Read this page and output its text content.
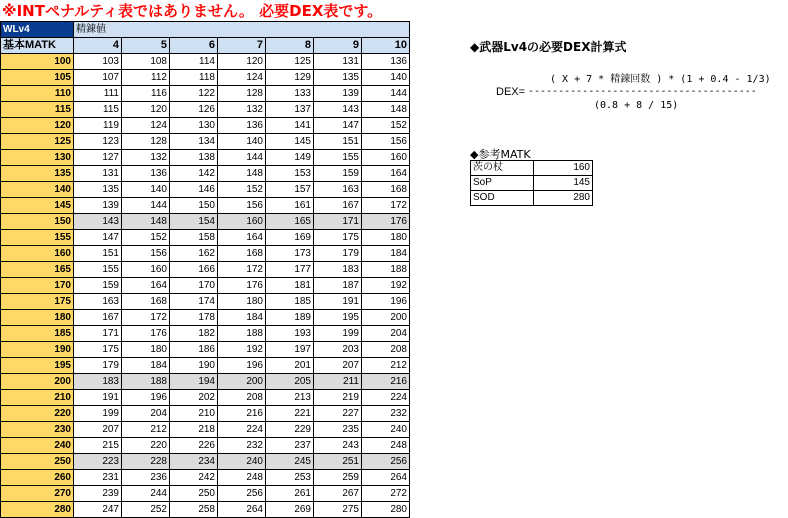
※INTペナルティ表ではありません。 必要DEX表です。
WLv4	精錬値						
基本MATK	4	5	6	7	8	9	10
100	103	108	114	120	125	131	136
105	107	112	118	124	129	135	140
110	111	116	122	128	133	139	144
115	115	120	126	132	137	143	148
120	119	124	130	136	141	147	152
125	123	128	134	140	145	151	156
130	127	132	138	144	149	155	160
135	131	136	142	148	153	159	164
140	135	140	146	152	157	163	168
145	139	144	150	156	161	167	172
150	143	148	154	160	165	171	176
155	147	152	158	164	169	175	180
160	151	156	162	168	173	179	184
165	155	160	166	172	177	183	188
170	159	164	170	176	181	187	192
175	163	168	174	180	185	191	196
180	167	172	178	184	189	195	200
185	171	176	182	188	193	199	204
190	175	180	186	192	197	203	208
195	179	184	190	196	201	207	212
200	183	188	194	200	205	211	216
210	191	196	202	208	213	219	224
220	199	204	210	216	221	227	232
230	207	212	218	224	229	235	240
240	215	220	226	232	237	243	248
250	223	228	234	240	245	251	256
260	231	236	242	248	253	259	264
270	239	244	250	256	261	267	272
280	247	252	258	264	269	275	280
◆武器Lv4の必要DEX計算式
( X + 7 * 精錬回数 ) * (1 + 0.4 - 1/3)
DEX= --------------------------------------
(0.8 + 8 / 15)
◆参考MATK
茨の杖	160
SoP	145
SOD	280
